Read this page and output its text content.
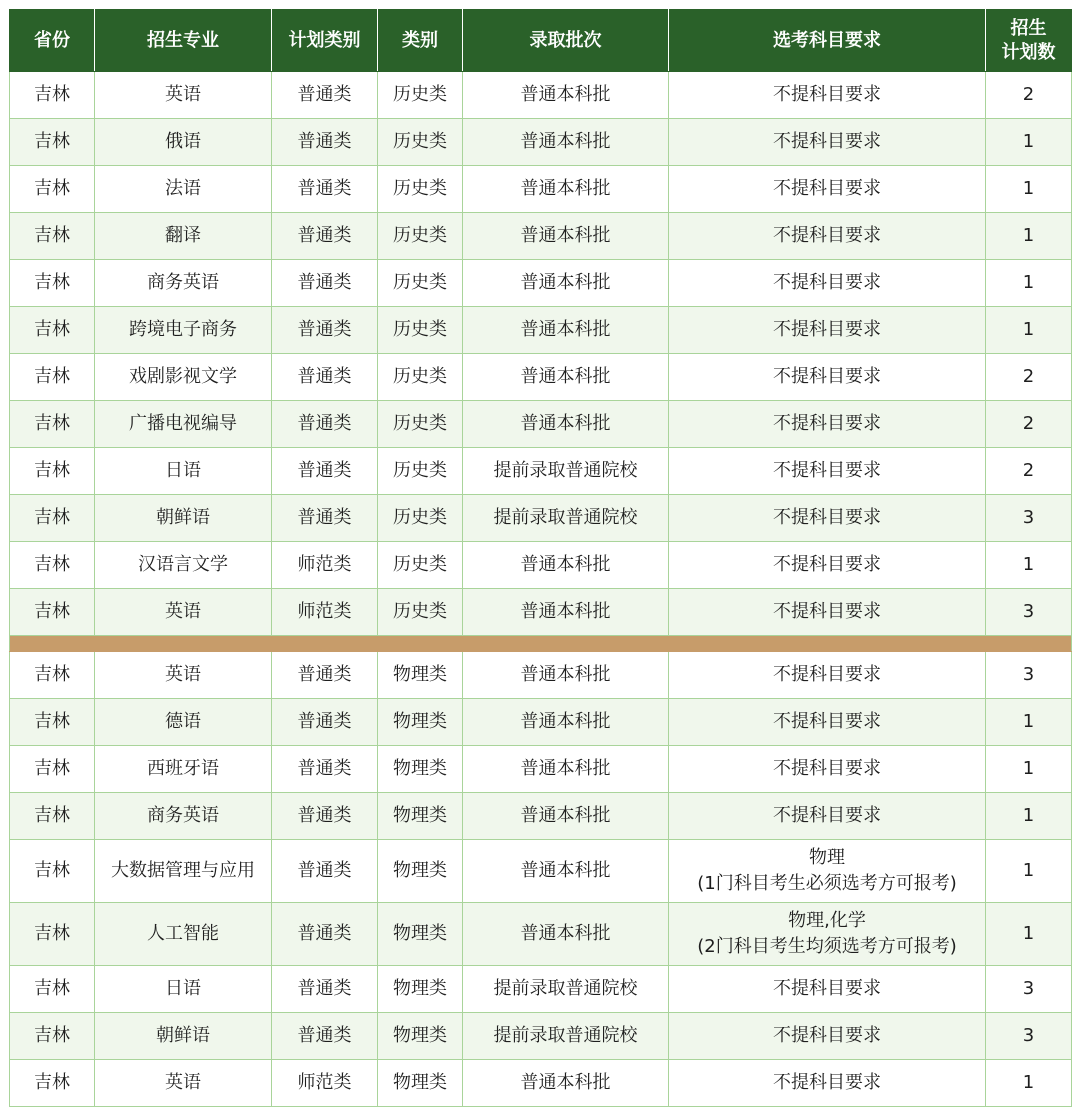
省份	招生专业	计划类别	类别	录取批次	选考科目要求	招生
计划数

吉林	英语	普通类	历史类	普通本科批	不提科目要求	2
吉林	俄语	普通类	历史类	普通本科批	不提科目要求	1
吉林	法语	普通类	历史类	普通本科批	不提科目要求	1
吉林	翻译	普通类	历史类	普通本科批	不提科目要求	1
吉林	商务英语	普通类	历史类	普通本科批	不提科目要求	1
吉林	跨境电子商务	普通类	历史类	普通本科批	不提科目要求	1
吉林	戏剧影视文学	普通类	历史类	普通本科批	不提科目要求	2
吉林	广播电视编导	普通类	历史类	普通本科批	不提科目要求	2
吉林	日语	普通类	历史类	提前录取普通院校	不提科目要求	2
吉林	朝鲜语	普通类	历史类	提前录取普通院校	不提科目要求	3
吉林	汉语言文学	师范类	历史类	普通本科批	不提科目要求	1
吉林	英语	师范类	历史类	普通本科批	不提科目要求	3

吉林	英语	普通类	物理类	普通本科批	不提科目要求	3
吉林	德语	普通类	物理类	普通本科批	不提科目要求	1
吉林	西班牙语	普通类	物理类	普通本科批	不提科目要求	1
吉林	商务英语	普通类	物理类	普通本科批	不提科目要求	1
吉林	大数据管理与应用	普通类	物理类	普通本科批	物理
(1门科目考生必须选考方可报考)	1
吉林	人工智能	普通类	物理类	普通本科批	物理,化学
(2门科目考生均须选考方可报考)	1
吉林	日语	普通类	物理类	提前录取普通院校	不提科目要求	3
吉林	朝鲜语	普通类	物理类	提前录取普通院校	不提科目要求	3
吉林	英语	师范类	物理类	普通本科批	不提科目要求	1
